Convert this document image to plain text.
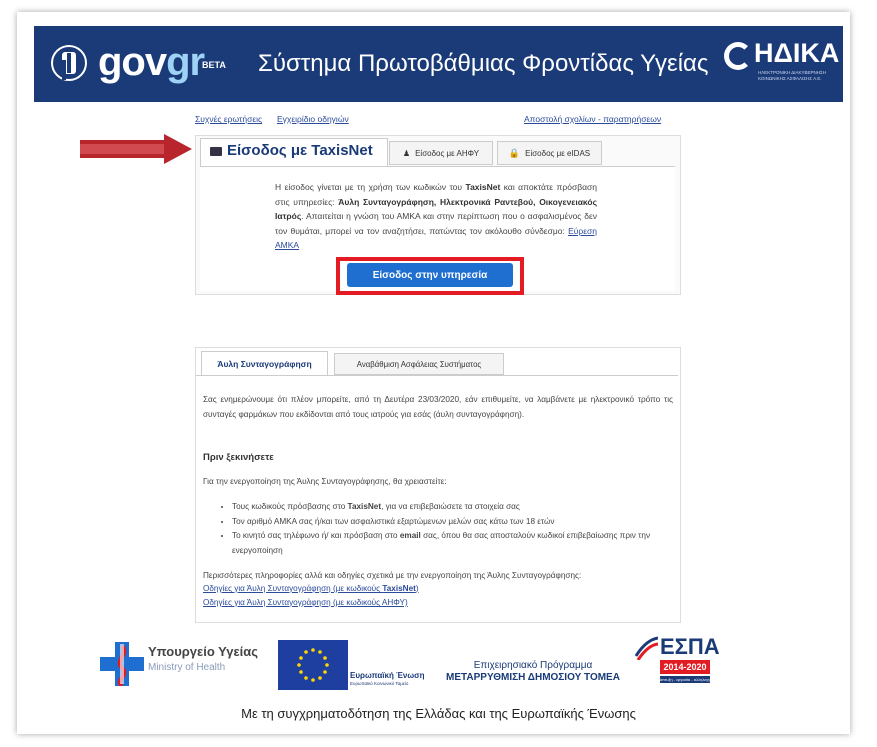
govgr
BETA Σύστημα Πρωτοβάθμιας Φροντίδας Υγείας ΗΔΙΚΑ
ΗΛΕΚΤΡΟΝΙΚΗ ΔΙΑΚΥΒΕΡΝΗΣΗ ΚΟΙΝΩΝΙΚΗΣ ΑΣΦΑΛΙΣΗΣ Α.Ε.
Συχνές ερωτήσεις Εγχειρίδιο οδηγιών	Αποστολή σχολίων - παρατηρήσεων
Είσοδος με TaxisNet	♟ Είσοδος με ΑΗΦΥ	🔒 Είσοδος με eIDAS
Η είσοδος γίνεται με τη χρήση των κωδικών του TaxisNet και αποκτάτε πρόσβαση στις υπηρεσίες: Άυλη Συνταγογράφηση, Ηλεκτρονικά Ραντεβού, Οικογενειακός Ιατρός. Απαιτείται η γνώση του ΑΜΚΑ και στην περίπτωση που ο ασφαλισμένος δεν τον θυμάται, μπορεί να τον αναζητήσει, πατώντας τον ακόλουθο σύνδεσμο: Εύρεση ΑΜΚΑ
Είσοδος στην υπηρεσία
Άυλη Συνταγογράφηση	Αναβάθμιση Ασφάλειας Συστήματος
Σας ενημερώνουμε ότι πλέον μπορείτε, από τη Δευτέρα 23/03/2020, εάν επιθυμείτε, να λαμβάνετε με ηλεκτρονικό τρόπο τις συνταγές φαρμάκων που εκδίδονται από τους ιατρούς για εσάς (άυλη συνταγογράφηση).
Πριν ξεκινήσετε
Για την ενεργοποίηση της Άυλης Συνταγογράφησης, θα χρειαστείτε:
• Τους κωδικούς πρόσβασης στο TaxisNet, για να επιβεβαιώσετε τα στοιχεία σας
• Τον αριθμό ΑΜΚΑ σας ή/και των ασφαλιστικά εξαρτώμενων μελών σας κάτω των 18 ετών
• Το κινητό σας τηλέφωνο ή/ και πρόσβαση στο email σας, όπου θα σας αποσταλούν κωδικοί επιβεβαίωσης πριν την ενεργοποίηση
Περισσότερες πληροφορίες αλλά και οδηγίες σχετικά με την ενεργοποίηση της Άυλης Συνταγογράφησης:
Οδηγίες για Άυλη Συνταγογράφηση (με κωδικούς TaxisNet)
Οδηγίες για Άυλη Συνταγογράφηση (με κωδικούς ΑΗΦΥ)
Υπουργείο Υγείας
Ministry of Health
Ευρωπαϊκή Ένωση
Ευρωπαϊκό Κοινωνικό Ταμείο
Επιχειρησιακό Πρόγραμμα
ΜΕΤΑΡΡΥΘΜΙΣΗ ΔΗΜΟΣΙΟΥ ΤΟΜΕΑ
ΕΣΠΑ
2014-2020
ανάπτυξη - εργασία - αλληλεγγύη
Με τη συγχρηματοδότηση της Ελλάδας και της Ευρωπαϊκής Ένωσης
